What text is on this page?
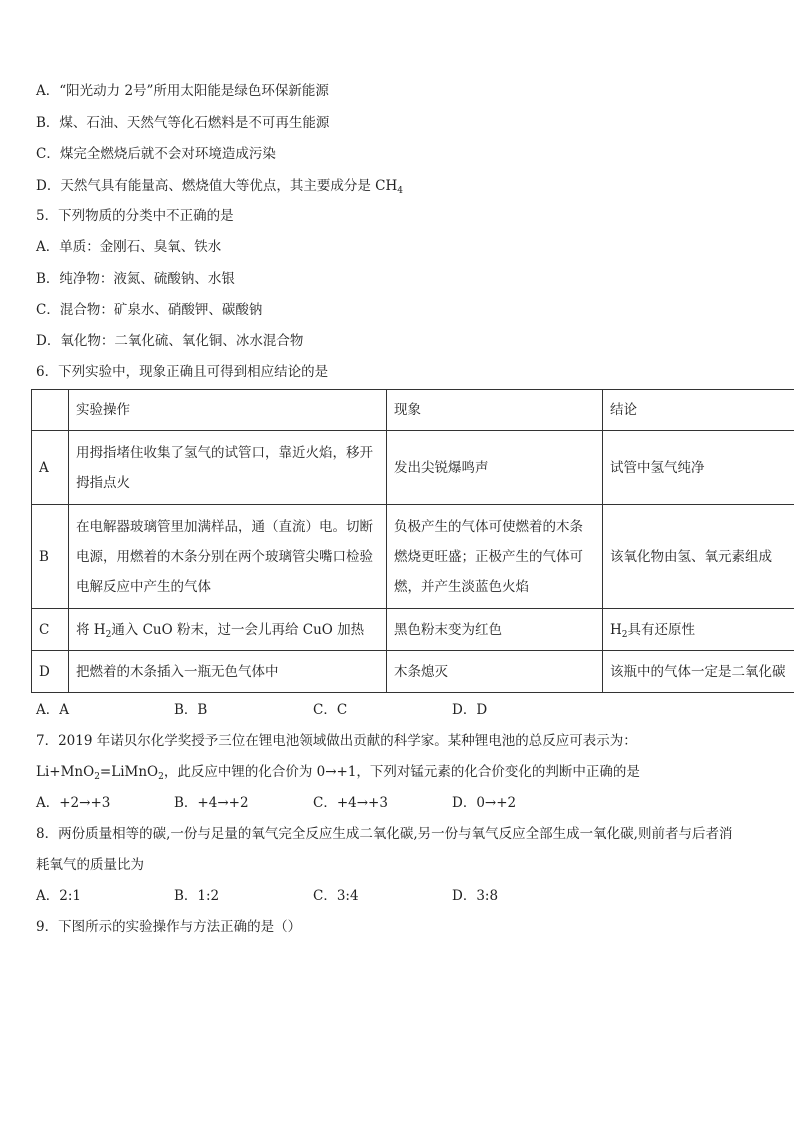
A．“阳光动力 2号”所用太阳能是绿色环保新能源
B．煤、石油、天然气等化石燃料是不可再生能源
C．煤完全燃烧后就不会对环境造成污染
D．天然气具有能量高、燃烧值大等优点，其主要成分是 $CH_4$
5．下列物质的分类中不正确的是
A．单质：金刚石、臭氧、铁水
B．纯净物：液氮、硫酸钠、水银
C．混合物：矿泉水、硝酸钾、碳酸钠
D．氧化物：二氧化硫、氧化铜、冰水混合物
6．下列实验中，现象正确且可得到相应结论的是
	实验操作	现象	结论
A	用拇指堵住收集了氢气的试管口，靠近火焰，移开拇指点火	发出尖锐爆鸣声	试管中氢气纯净
B	在电解器玻璃管里加满样品，通（直流）电。切断电源，用燃着的木条分别在两个玻璃管尖嘴口检验电解反应中产生的气体	负极产生的气体可使燃着的木条燃烧更旺盛；正极产生的气体可燃，并产生淡蓝色火焰	该氧化物由氢、氧元素组成
C	将 $H_2$通入 CuO 粉末，过一会儿再给 CuO 加热	黑色粉末变为红色	$H_2$具有还原性
D	把燃着的木条插入一瓶无色气体中	木条熄灭	该瓶中的气体一定是二氧化碳
A．A	B．B	C．C	D．D
7．2019 年诺贝尔化学奖授予三位在锂电池领域做出贡献的科学家。某种锂电池的总反应可表示为：
Li+MnO$_2$=LiMnO$_2$，此反应中锂的化合价为 0→+1，下列对锰元素的化合价变化的判断中正确的是
A．+2→+3	B．+4→+2	C．+4→+3	D．0→+2
8．两份质量相等的碳,一份与足量的氧气完全反应生成二氧化碳,另一份与氧气反应全部生成一氧化碳,则前者与后者消
耗氧气的质量比为
A．2:1	B．1:2	C．3:4	D．3:8
9．下图所示的实验操作与方法正确的是（）
